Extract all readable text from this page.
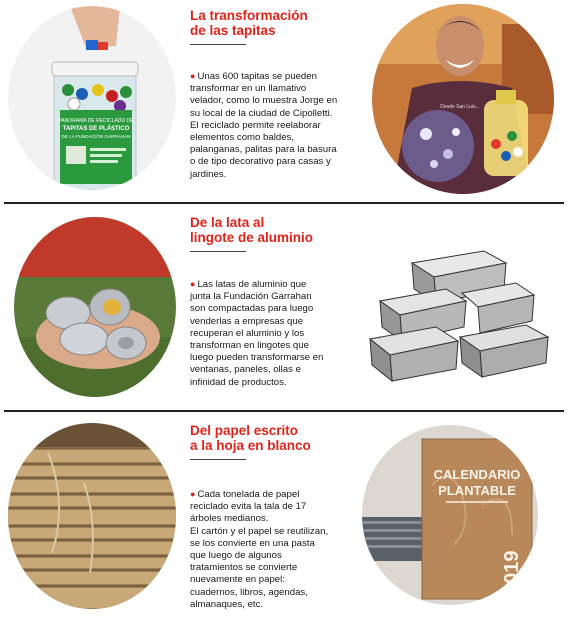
PANORAMA DE RECICLADO DE
TAPITAS DE PLÁSTICO
DE LA FUNDACIÓN GARRAHAN
La transformación
de las tapitas
● Unas 600 tapitas se pueden
transformar en un llamativo
velador, como lo muestra Jorge en
su local de la ciudad de Cipolletti.
El reciclado permite reelaborar
elementos como baldes,
palanganas, palitas para la basura
o de tipo decorativo para casas y
jardines.
Desde San Luis...
De la lata al
lingote de aluminio
● Las latas de aluminio que
junta la Fundación Garrahan
son compactadas para luego
venderlas a empresas que
recuperan el aluminio y los
transforman en lingotes que
luego pueden transformarse en
ventanas, paneles, ollas e
infinidad de productos.
Del papel escrito
a la hoja en blanco
● Cada tonelada de papel
reciclado evita la tala de 17
árboles medianos.
El cartón y el papel se reutilizan,
se los convierte en una pasta
que luego de algunos
tratamientos se convierte
nuevamente en papel:
cuadernos, libros, agendas,
almanaques, etc.
CALENDARIO
PLANTABLE
2019
